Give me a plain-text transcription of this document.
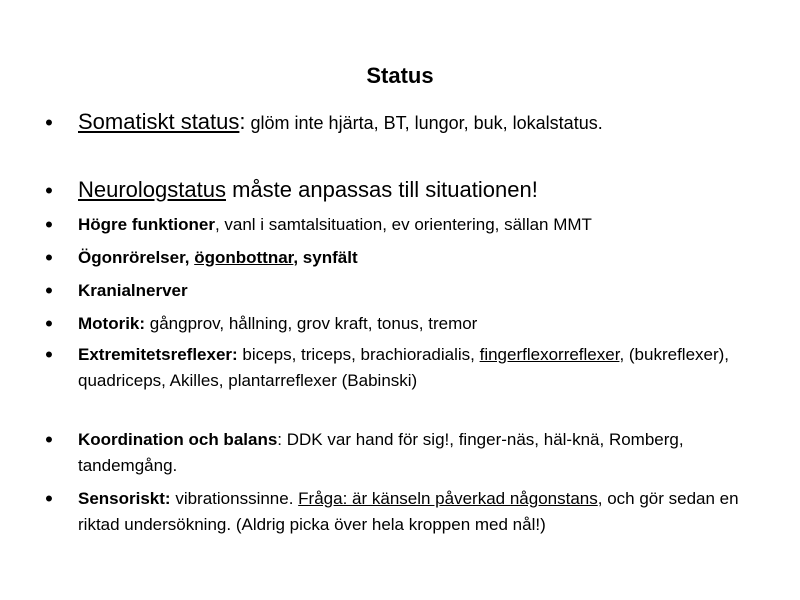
Status
• Somatiskt status: glöm inte hjärta, BT, lungor, buk, lokalstatus.
• Neurologstatus måste anpassas till situationen!
• Högre funktioner, vanl i samtalsituation, ev orientering, sällan MMT
• Ögonrörelser, ögonbottnar, synfält
• Kranialnerver
• Motorik: gångprov, hållning, grov kraft, tonus, tremor
• Extremitetsreflexer: biceps, triceps, brachioradialis, fingerflexorreflexer, (bukreflexer), quadriceps, Akilles, plantarreflexer (Babinski)
• Koordination och balans: DDK var hand för sig!, finger-näs, häl-knä, Romberg, tandemgång.
• Sensoriskt: vibrationssinne. Fråga: är känseln påverkad någonstans, och gör sedan en riktad undersökning. (Aldrig picka över hela kroppen med nål!)
